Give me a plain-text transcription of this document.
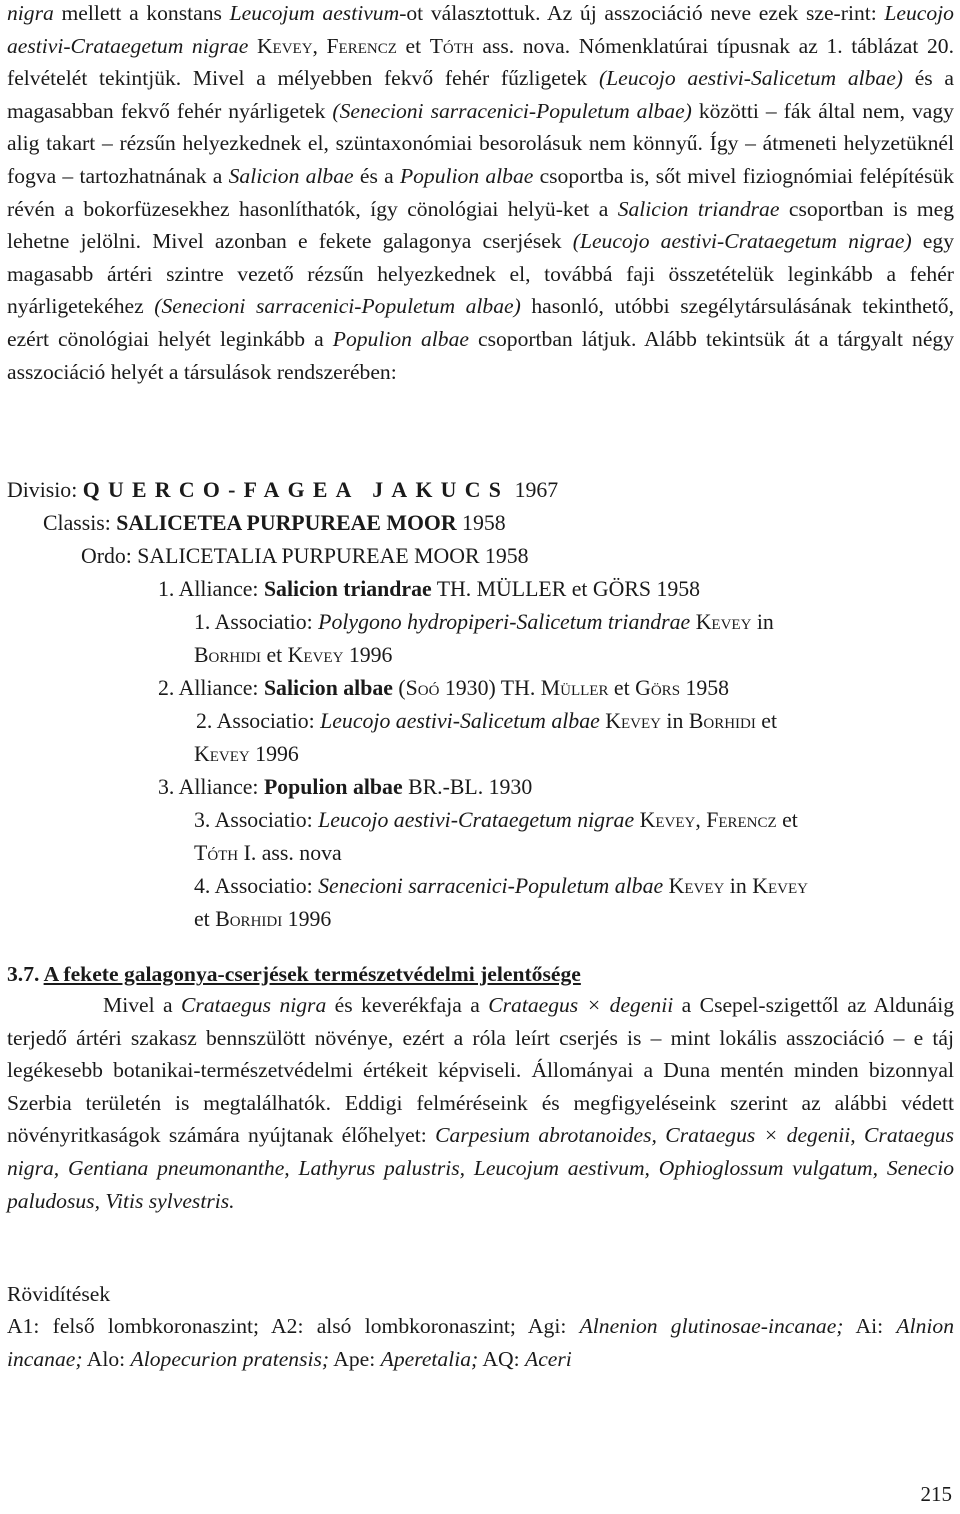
nigra mellett a konstans Leucojum aestivum-ot választottuk. Az új asszociáció neve ezek sze-rint: Leucojo aestivi-Crataegetum nigrae Kevey, Ferencz et Tóth ass. nova. Nómenklatúrai típusnak az 1. táblázat 20. felvételét tekintjük. Mivel a mélyebben fekvő fehér fűzligetek (Leucojo aestivi-Salicetum albae) és a magasabban fekvő fehér nyárligetek (Senecioni sarracenici-Populetum albae) közötti – fák által nem, vagy alig takart – rézsűn helyezkednek el, szüntaxonómiai besorolásuk nem könnyű. Így – átmeneti helyzetüknél fogva – tartozhatnának a Salicion albae és a Populion albae csoportba is, sőt mivel fiziognómiai felépítésük révén a bokorfüzesekhez hasonlíthatók, így cönológiai helyü-ket a Salicion triandrae csoportban is meg lehetne jelölni. Mivel azonban e fekete galagonya cserjések (Leucojo aestivi-Crataegetum nigrae) egy magasabb ártéri szintre vezető rézsűn helyezkednek el, továbbá faji összetételük leginkább a fehér nyárligetekéhez (Senecioni sarracenici-Populetum albae) hasonló, utóbbi szegélytársulásának tekinthető, ezért cönológiai helyét leginkább a Populion albae csoportban látjuk. Alább tekintsük át a tárgyalt négy asszociáció helyét a társulások rendszerében:

Divisio: QUERCO-FAGEA JAKUCS 1967
Classis: SALICETEA PURPUREAE MOOR 1958
Ordo: SALICETALIA PURPUREAE MOOR 1958
1. Alliance: Salicion triandrae TH. MÜLLER et GÖRS 1958
1. Associatio: Polygono hydropiperi-Salicetum triandrae Kevey in
Borhidi et Kevey 1996
2. Alliance: Salicion albae (Soó 1930) TH. Müller et Görs 1958
2. Associatio: Leucojo aestivi-Salicetum albae Kevey in Borhidi et
Kevey 1996
3. Alliance: Populion albae BR.-BL. 1930
3. Associatio: Leucojo aestivi-Crataegetum nigrae Kevey, Ferencz et
Tóth I. ass. nova
4. Associatio: Senecioni sarracenici-Populetum albae Kevey in Kevey
et Borhidi 1996
3.7. A fekete galagonya-cserjések természetvédelmi jelentősége

Mivel a Crataegus nigra és keverékfaja a Crataegus × degenii a Csepel-szigettől az Aldunáig terjedő ártéri szakasz bennszülött növénye, ezért a róla leírt cserjés is – mint lokális asszociáció – e táj legékesebb botanikai-természetvédelmi értékeit képviseli. Állományai a Duna mentén minden bizonnyal Szerbia területén is megtalálhatók. Eddigi felméréseink és megfigyeléseink szerint az alábbi védett növényritkaságok számára nyújtanak élőhelyet: Carpesium abrotanoides, Crataegus × degenii, Crataegus nigra, Gentiana pneumonanthe, Lathyrus palustris, Leucojum aestivum, Ophioglossum vulgatum, Senecio paludosus, Vitis sylvestris.

Rövidítések

A1: felső lombkoronaszint; A2: alsó lombkoronaszint; Agi: Alnenion glutinosae-incanae; Ai: Alnion incanae; Alo: Alopecurion pratensis; Ape: Aperetalia; AQ: Aceri

215
